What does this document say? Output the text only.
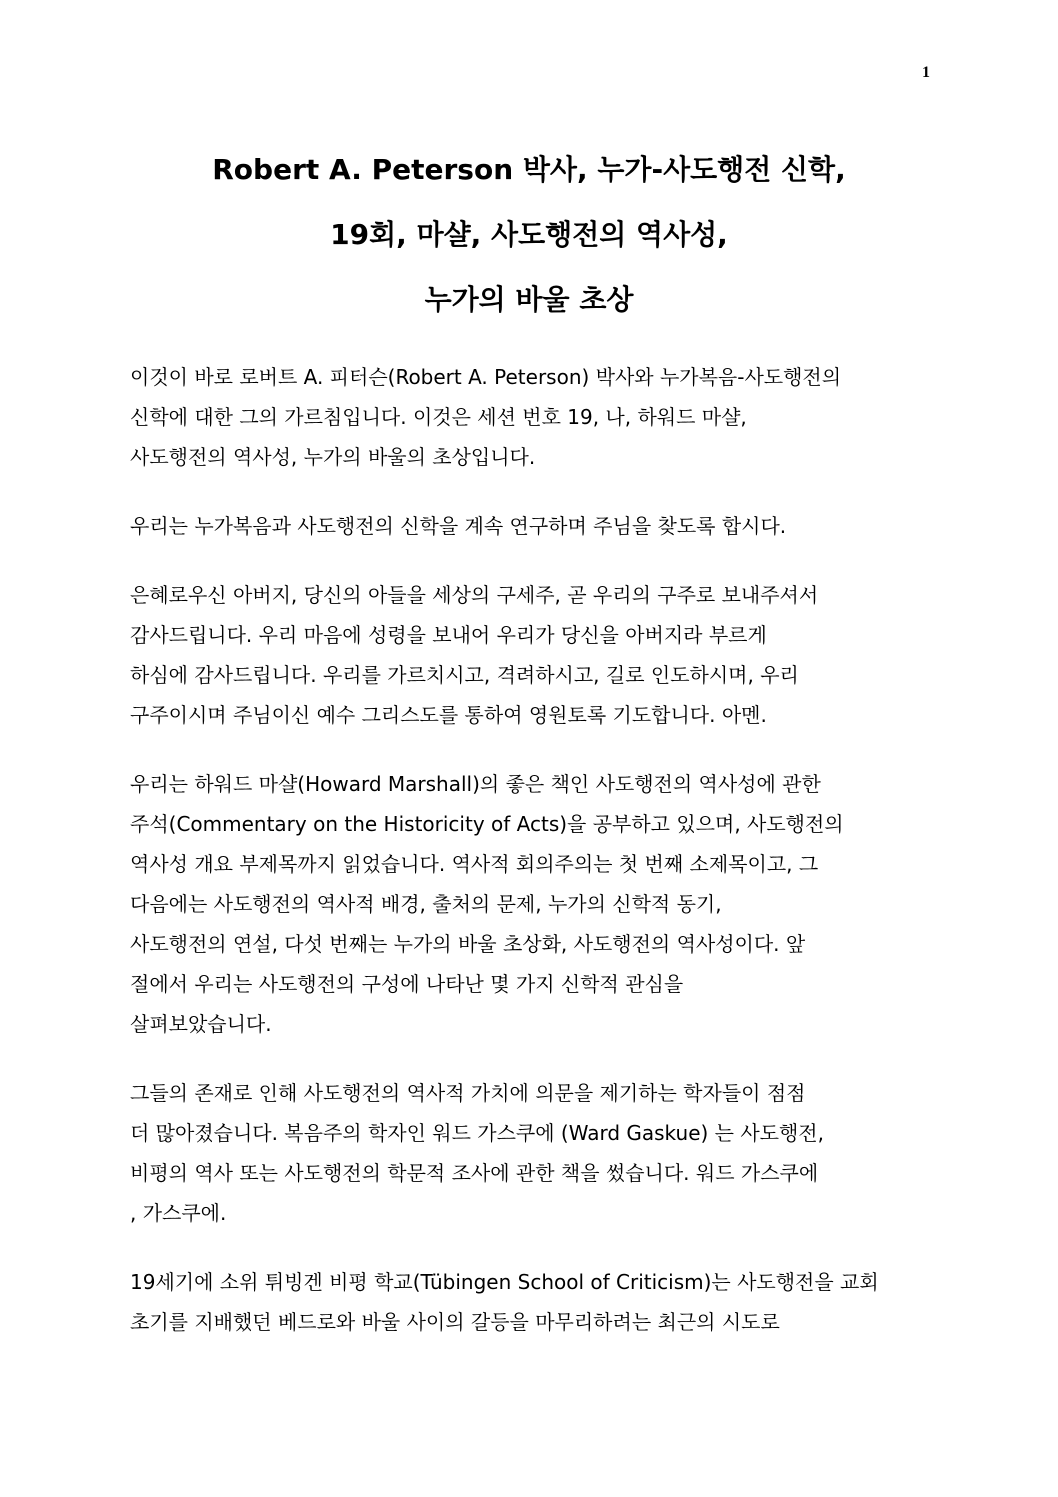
1
Robert A. Peterson 박사, 누가-사도행전 신학,
19회, 마샬, 사도행전의 역사성,
누가의 바울 초상

이것이 바로 로버트 A. 피터슨(Robert A. Peterson) 박사와 누가복음-사도행전의
신학에 대한 그의 가르침입니다. 이것은 세션 번호 19, 나, 하워드 마샬,
사도행전의 역사성, 누가의 바울의 초상입니다.

우리는 누가복음과 사도행전의 신학을 계속 연구하며 주님을 찾도록 합시다.

은혜로우신 아버지, 당신의 아들을 세상의 구세주, 곧 우리의 구주로 보내주셔서
감사드립니다. 우리 마음에 성령을 보내어 우리가 당신을 아버지라 부르게
하심에 감사드립니다. 우리를 가르치시고, 격려하시고, 길로 인도하시며, 우리
구주이시며 주님이신 예수 그리스도를 통하여 영원토록 기도합니다. 아멘.

우리는 하워드 마샬(Howard Marshall)의 좋은 책인 사도행전의 역사성에 관한
주석(Commentary on the Historicity of Acts)을 공부하고 있으며, 사도행전의
역사성 개요 부제목까지 읽었습니다. 역사적 회의주의는 첫 번째 소제목이고, 그
다음에는 사도행전의 역사적 배경, 출처의 문제, 누가의 신학적 동기,
사도행전의 연설, 다섯 번째는 누가의 바울 초상화, 사도행전의 역사성이다. 앞
절에서 우리는 사도행전의 구성에 나타난 몇 가지 신학적 관심을
살펴보았습니다.

그들의 존재로 인해 사도행전의 역사적 가치에 의문을 제기하는 학자들이 점점
더 많아졌습니다. 복음주의 학자인 워드 가스쿠에 (Ward Gaskue) 는 사도행전,
비평의 역사 또는 사도행전의 학문적 조사에 관한 책을 썼습니다. 워드 가스쿠에
, 가스쿠에.

19세기에 소위 튀빙겐 비평 학교(Tübingen School of Criticism)는 사도행전을 교회
초기를 지배했던 베드로와 바울 사이의 갈등을 마무리하려는 최근의 시도로
